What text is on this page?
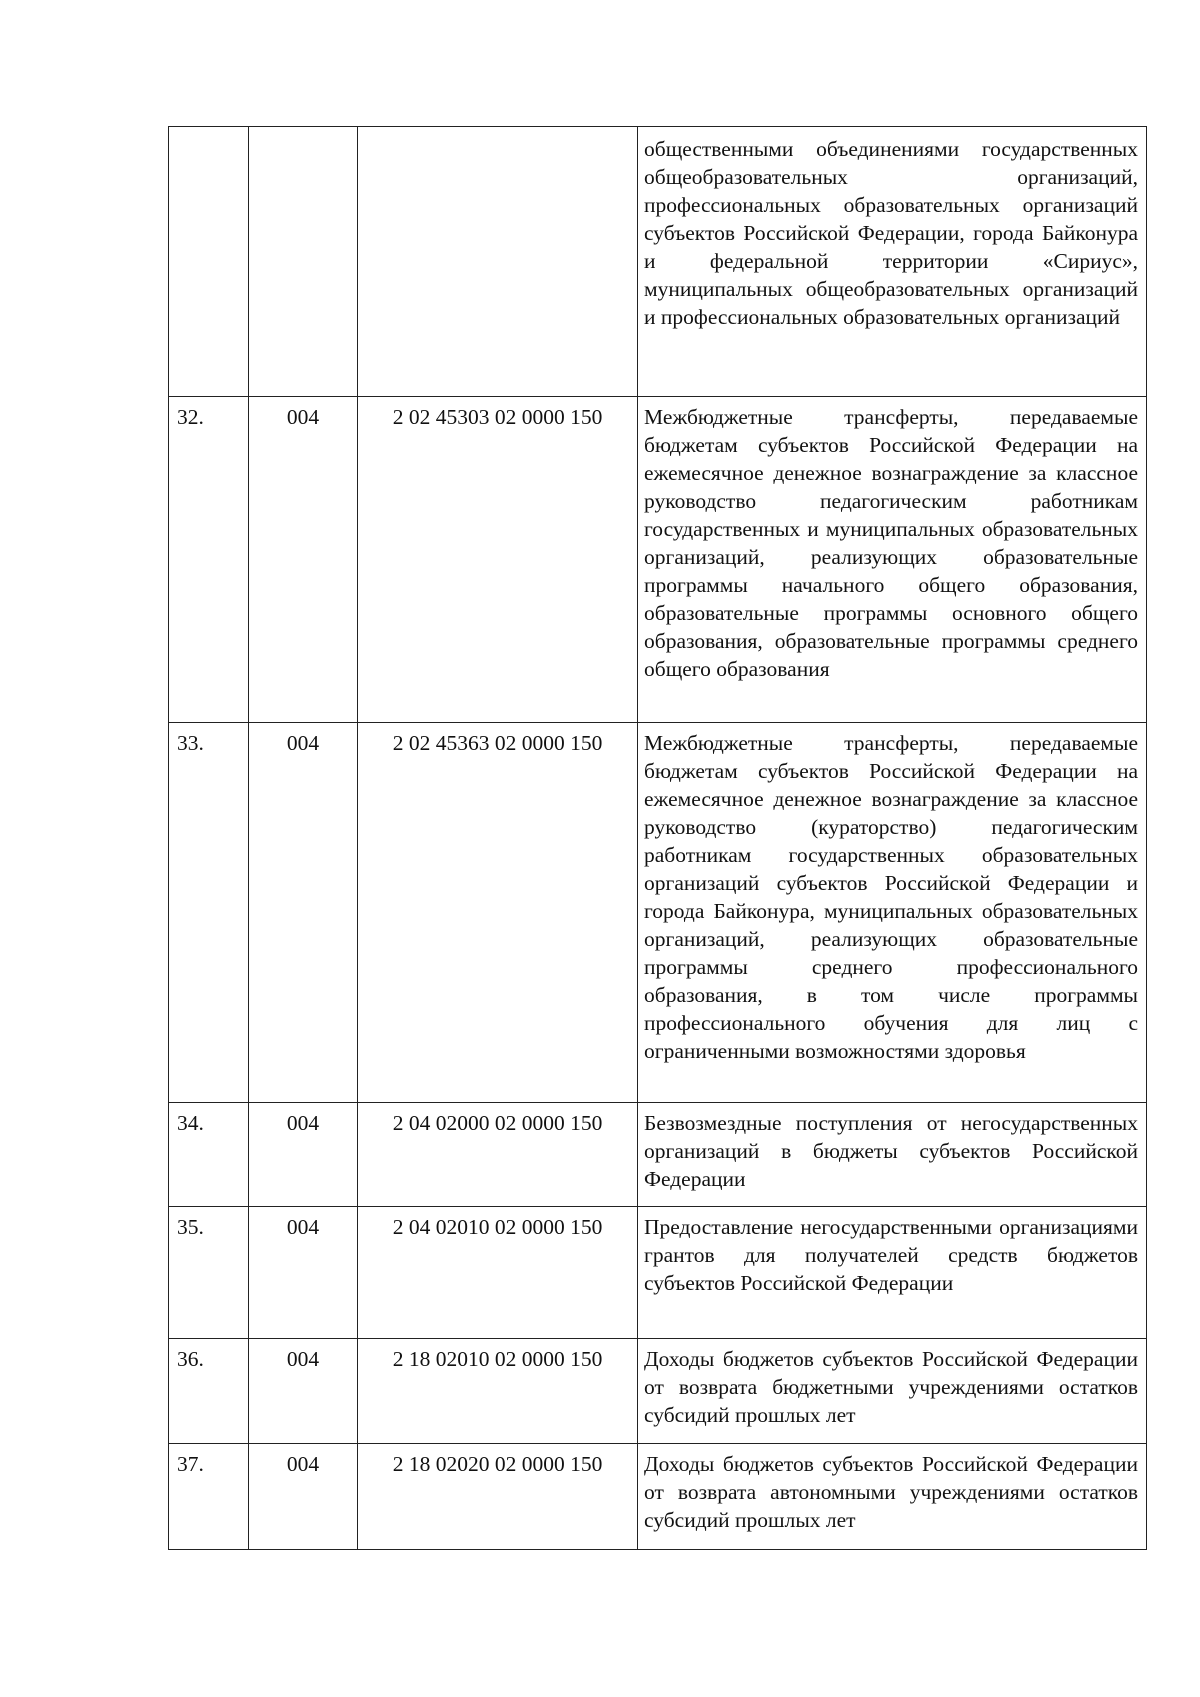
			общественными объединениями государственных общеобразовательных организаций, профессиональных образовательных организаций субъектов Российской Федерации, города Байконура и федеральной территории «Сириус», муниципальных общеобразовательных организаций и профессиональных образовательных организаций

32.	004	2 02 45303 02 0000 150	Межбюджетные трансферты, передаваемые бюджетам субъектов Российской Федерации на ежемесячное денежное вознаграждение за классное руководство педагогическим работникам государственных и муниципальных образовательных организаций, реализующих образовательные программы начального общего образования, образовательные программы основного общего образования, образовательные программы среднего общего образования

33.	004	2 02 45363 02 0000 150	Межбюджетные трансферты, передаваемые бюджетам субъектов Российской Федерации на ежемесячное денежное вознаграждение за классное руководство (кураторство) педагогическим работникам государственных образовательных организаций субъектов Российской Федерации и города Байконура, муниципальных образовательных организаций, реализующих образовательные программы среднего профессионального образования, в том числе программы профессионального обучения для лиц с ограниченными возможностями здоровья

34.	004	2 04 02000 02 0000 150	Безвозмездные поступления от негосударственных организаций в бюджеты субъектов Российской Федерации

35.	004	2 04 02010 02 0000 150	Предоставление негосударственными организациями грантов для получателей средств бюджетов субъектов Российской Федерации

36.	004	2 18 02010 02 0000 150	Доходы бюджетов субъектов Российской Федерации от возврата бюджетными учреждениями остатков субсидий прошлых лет

37.	004	2 18 02020 02 0000 150	Доходы бюджетов субъектов Российской Федерации от возврата автономными учреждениями остатков субсидий прошлых лет
